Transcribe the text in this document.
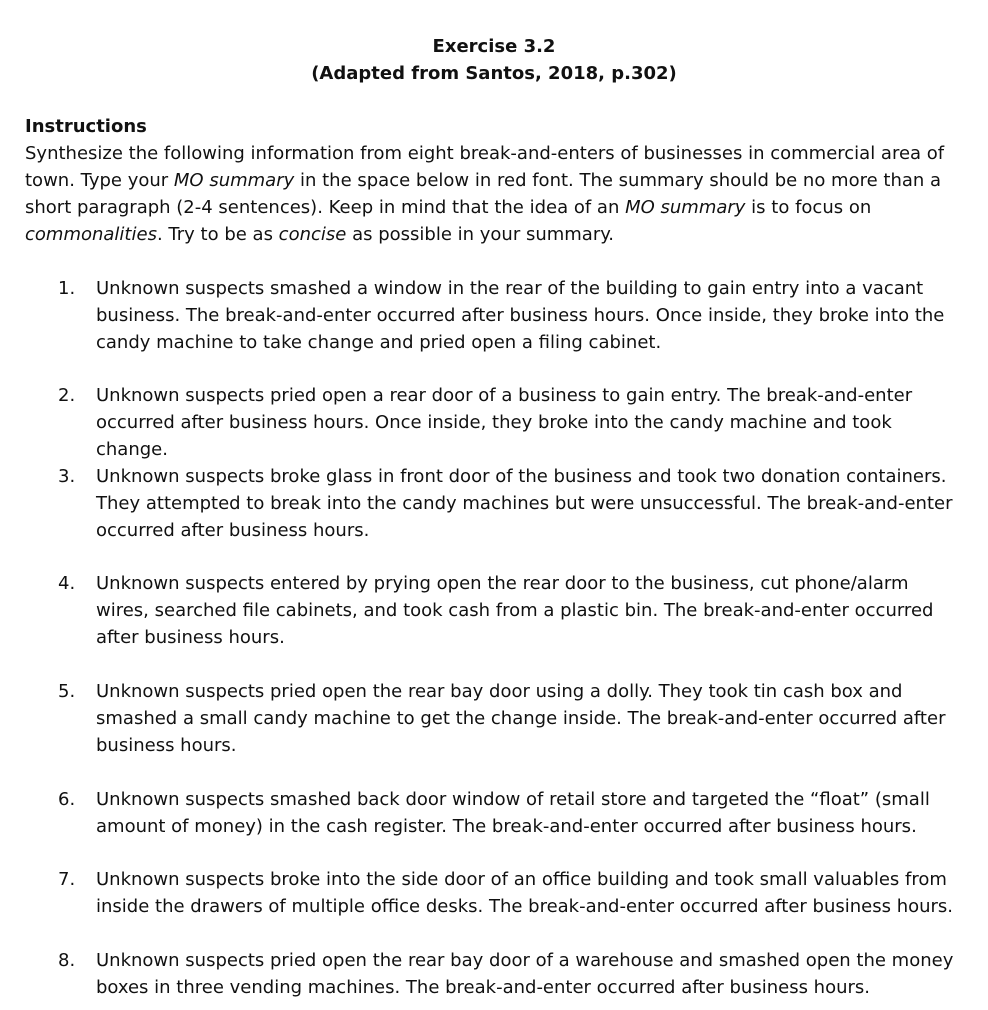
Exercise 3.2
(Adapted from Santos, 2018, p.302)
Instructions
Synthesize the following information from eight break-and-enters of businesses in commercial area of town. Type your MO summary in the space below in red font. The summary should be no more than a short paragraph (2-4 sentences). Keep in mind that the idea of an MO summary is to focus on commonalities. Try to be as concise as possible in your summary.
1.	Unknown suspects smashed a window in the rear of the building to gain entry into a vacant business. The break-and-enter occurred after business hours. Once inside, they broke into the candy machine to take change and pried open a filing cabinet.
2.	Unknown suspects pried open a rear door of a business to gain entry. The break-and-enter occurred after business hours. Once inside, they broke into the candy machine and took change.
3.	Unknown suspects broke glass in front door of the business and took two donation containers. They attempted to break into the candy machines but were unsuccessful. The break-and-enter occurred after business hours.
4.	Unknown suspects entered by prying open the rear door to the business, cut phone/alarm wires, searched file cabinets, and took cash from a plastic bin. The break-and-enter occurred after business hours.
5.	Unknown suspects pried open the rear bay door using a dolly. They took tin cash box and smashed a small candy machine to get the change inside. The break-and-enter occurred after business hours.
6.	Unknown suspects smashed back door window of retail store and targeted the “float” (small amount of money) in the cash register. The break-and-enter occurred after business hours.
7.	Unknown suspects broke into the side door of an office building and took small valuables from inside the drawers of multiple office desks. The break-and-enter occurred after business hours.
8.	Unknown suspects pried open the rear bay door of a warehouse and smashed open the money boxes in three vending machines. The break-and-enter occurred after business hours.
